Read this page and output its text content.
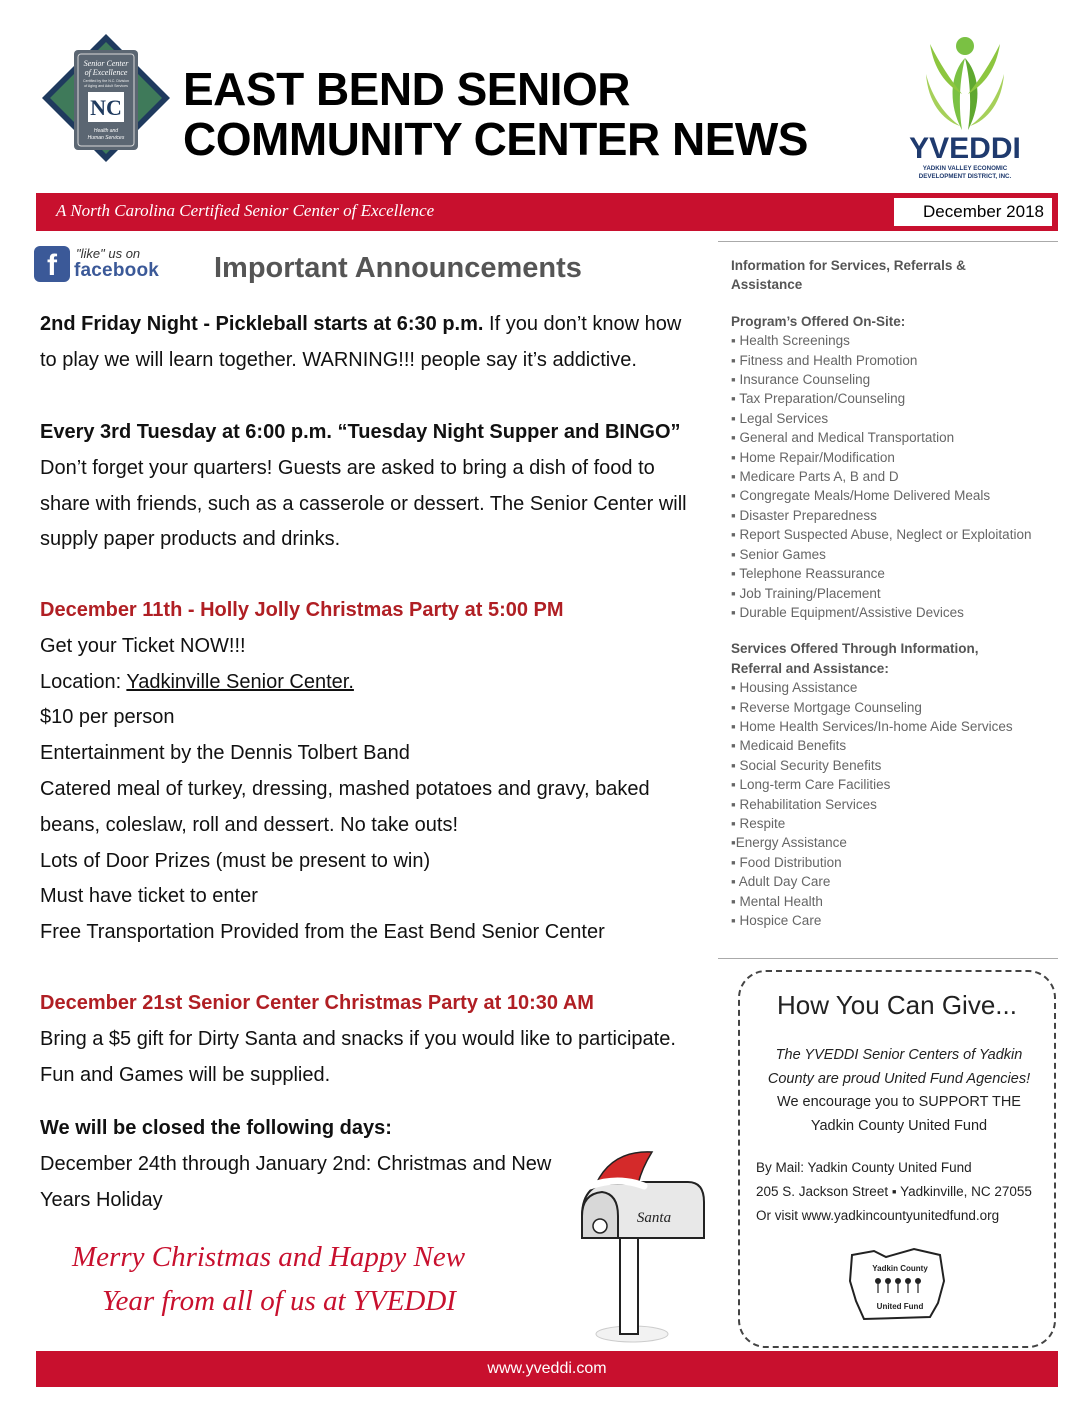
Senior Center
of Excellence
Certified by the N.C. Division
of Aging and Adult Services
NC
Health and
Human Services
EAST BEND SENIOR
COMMUNITY CENTER NEWS	YVEDDI
YADKIN VALLEY ECONOMIC
DEVELOPMENT DISTRICT, INC.
A North Carolina Certified Senior Center of Excellence	December 2018
f	"like" us on
facebook Important Announcements
2nd Friday Night - Pickleball starts at 6:30 p.m. If you don’t know how
to play we will learn together. WARNING!!! people say it’s addictive.
Every 3rd Tuesday at 6:00 p.m. “Tuesday Night Supper and BINGO”
Don’t forget your quarters! Guests are asked to bring a dish of food to
share with friends, such as a casserole or dessert. The Senior Center will
supply paper products and drinks.
December 11th - Holly Jolly Christmas Party at 5:00 PM
Get your Ticket NOW!!!
Location: Yadkinville Senior Center.
$10 per person
Entertainment by the Dennis Tolbert Band
Catered meal of turkey, dressing, mashed potatoes and gravy, baked
beans, coleslaw, roll and dessert. No take outs!
Lots of Door Prizes (must be present to win)
Must have ticket to enter
Free Transportation Provided from the East Bend Senior Center
December 21st Senior Center Christmas Party at 10:30 AM
Bring a $5 gift for Dirty Santa and snacks if you would like to participate.
Fun and Games will be supplied.
We will be closed the following days:
December 24th through January 2nd: Christmas and New
Years Holiday
Merry Christmas and Happy New
Year from all of us at YVEDDI
Santa
Information for Services, Referrals &
Assistance
Program’s Offered On-Site:
▪ Health Screenings
▪ Fitness and Health Promotion
▪ Insurance Counseling
▪ Tax Preparation/Counseling
▪ Legal Services
▪ General and Medical Transportation
▪ Home Repair/Modification
▪ Medicare Parts A, B and D
▪ Congregate Meals/Home Delivered Meals
▪ Disaster Preparedness
▪ Report Suspected Abuse, Neglect or Exploitation
▪ Senior Games
▪ Telephone Reassurance
▪ Job Training/Placement
▪ Durable Equipment/Assistive Devices
Services Offered Through Information,
Referral and Assistance:
▪ Housing Assistance
▪ Reverse Mortgage Counseling
▪ Home Health Services/In-home Aide Services
▪ Medicaid Benefits
▪ Social Security Benefits
▪ Long-term Care Facilities
▪ Rehabilitation Services
▪ Respite
▪Energy Assistance
▪ Food Distribution
▪ Adult Day Care
▪ Mental Health
▪ Hospice Care
How You Can Give...
The YVEDDI Senior Centers of Yadkin
County are proud United Fund Agencies!
We encourage you to SUPPORT THE
Yadkin County United Fund
By Mail: Yadkin County United Fund
205 S. Jackson Street ▪ Yadkinville, NC 27055
Or visit www.yadkincountyunitedfund.org
Yadkin County
United Fund
www.yveddi.com
